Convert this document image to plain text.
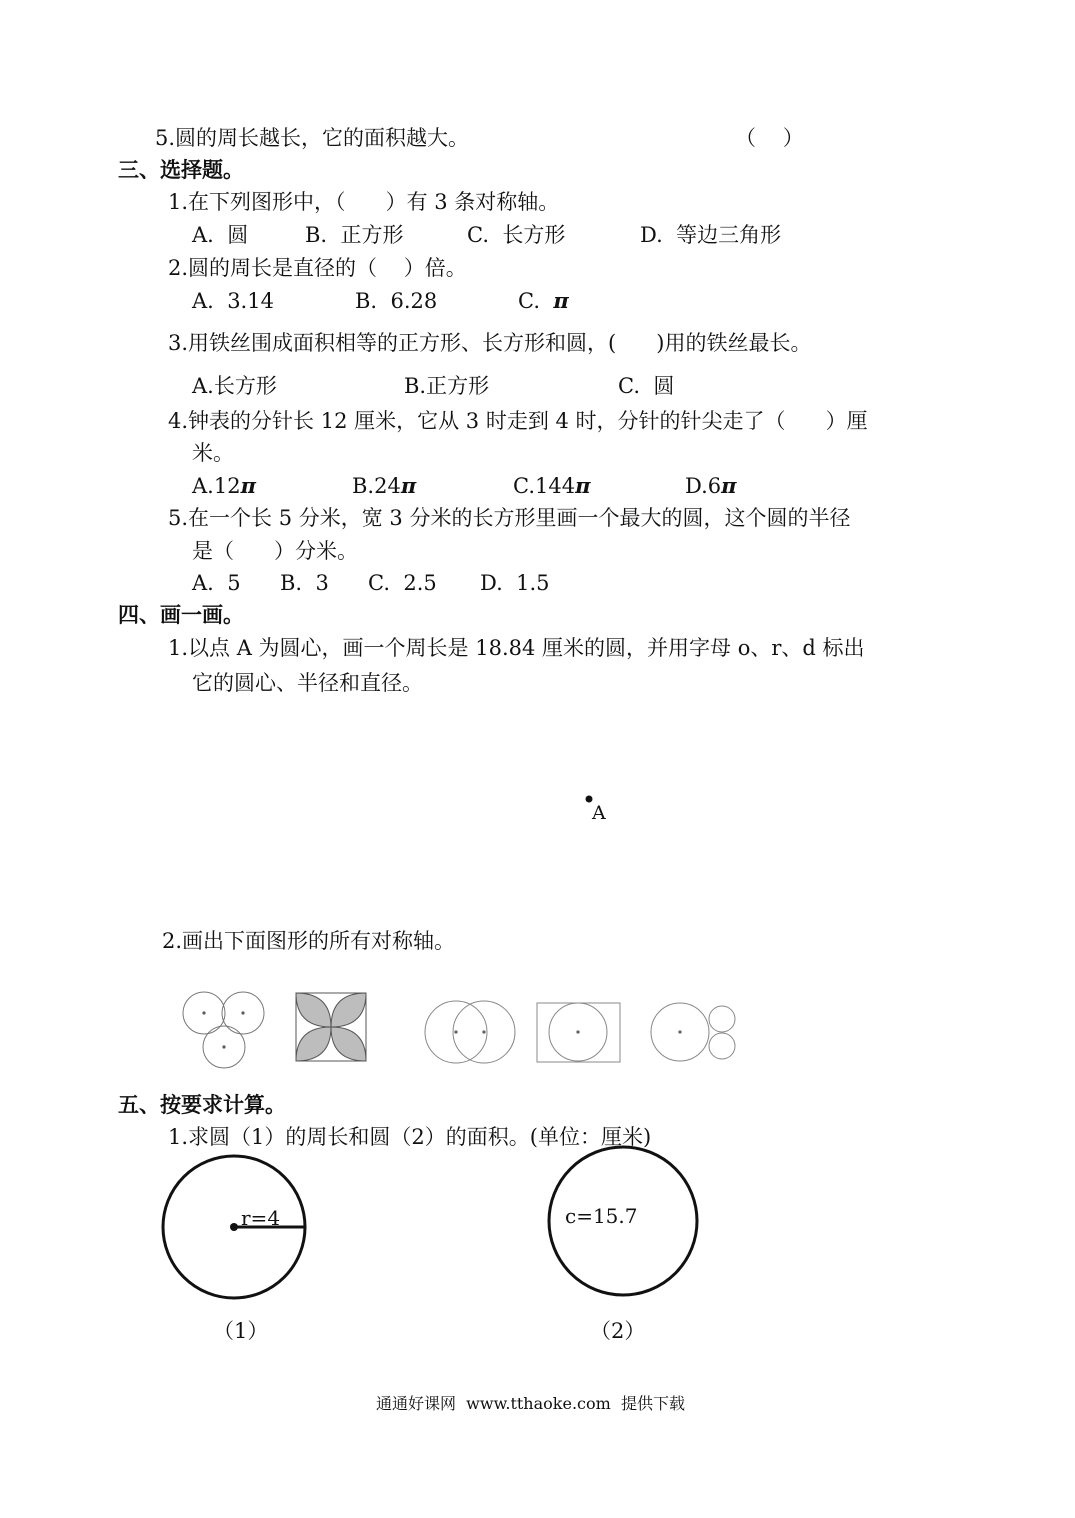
5.圆的周长越长，它的面积越大。	（    ）
三、选择题。
1.在下列图形中，（      ）有 3 条对称轴。
A.  圆	B.  正方形	C.  长方形	D.  等边三角形
2.圆的周长是直径的（    ）倍。
A.  3.14	B.  6.28	C.  π
3.用铁丝围成面积相等的正方形、长方形和圆，(      )用的铁丝最长。
A.长方形	B.正方形	C.  圆
4.钟表的分针长 12 厘米，它从 3 时走到 4 时，分针的针尖走了（      ）厘
米。
A.12π	B.24π	C.144π	D.6π
5.在一个长 5 分米，宽 3 分米的长方形里画一个最大的圆，这个圆的半径
是（      ）分米。
A.  5 B.  3 C.  2.5 D.  1.5
四、画一画。
1.以点 A 为圆心，画一个周长是 18.84 厘米的圆，并用字母 o、r、d 标出
它的圆心、半径和直径。
A
2.画出下面图形的所有对称轴。
五、按要求计算。
1.求圆（1）的周长和圆（2）的面积。(单位：厘米)
r=4	c=15.7
（1）	（2）
通通好课网  www.tthaoke.com  提供下载
